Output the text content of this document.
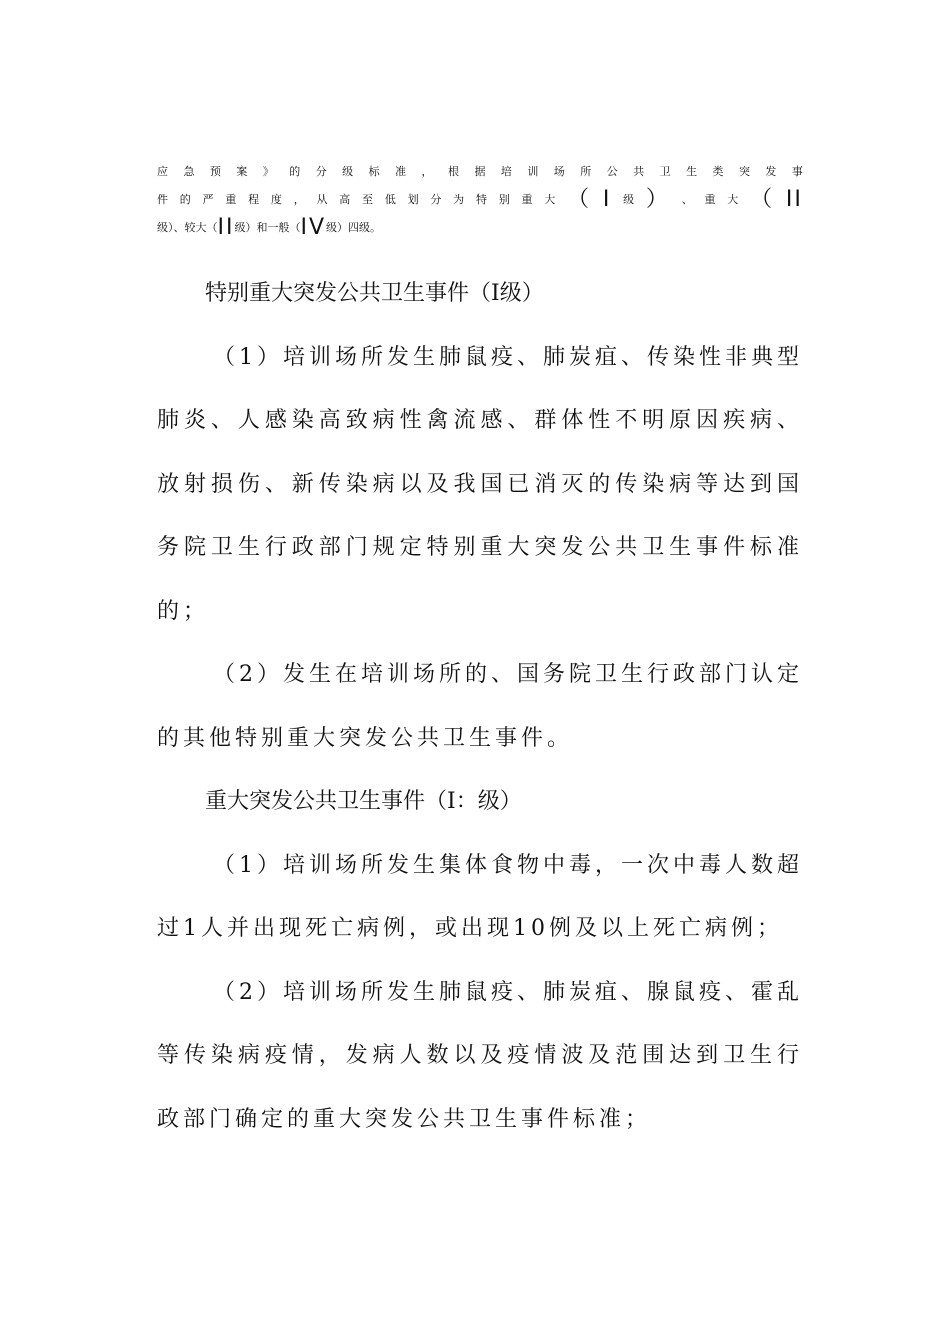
应 急 预 案 》 的 分 级 标 准 ， 根 据 培 训 场 所 公 共 卫 生 类 突 发 事
件 的 严 重 程 度 ， 从 高 至 低 划 分 为 特 别 重 大 （ I 级 ） 、 重 大 （ II
级）、较大（ II 级）和一般（ IV 级）四级。

特别重大突发公共卫生事件（Ⅰ级）

（1）培训场所发生肺鼠疫、肺炭疽、传染性非典型肺炎、人感染高致病性禽流感、群体性不明原因疾病、放射损伤、新传染病以及我国已消灭的传染病等达到国务院卫生行政部门规定特别重大突发公共卫生事件标准的；

（2）发生在培训场所的、国务院卫生行政部门认定的其他特别重大突发公共卫生事件。

重大突发公共卫生事件（I：级）

（1）培训场所发生集体食物中毒，一次中毒人数超过1人并出现死亡病例，或出现10例及以上死亡病例；

（2）培训场所发生肺鼠疫、肺炭疽、腺鼠疫、霍乱等传染病疫情，发病人数以及疫情波及范围达到卫生行政部门确定的重大突发公共卫生事件标准；
